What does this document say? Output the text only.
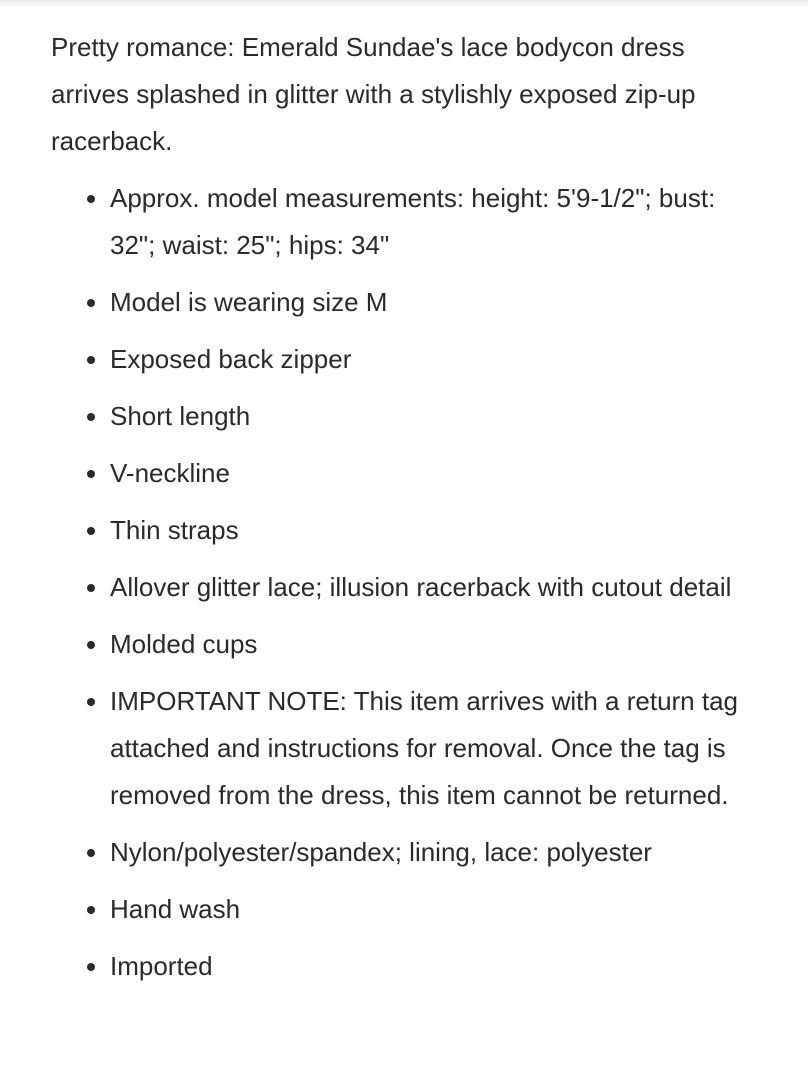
Pretty romance: Emerald Sundae's lace bodycon dress arrives splashed in glitter with a stylishly exposed zip-up racerback.

Approx. model measurements: height: 5'9-1/2"; bust: 32"; waist: 25"; hips: 34"
Model is wearing size M
Exposed back zipper
Short length
V-neckline
Thin straps
Allover glitter lace; illusion racerback with cutout detail
Molded cups
IMPORTANT NOTE: This item arrives with a return tag attached and instructions for removal. Once the tag is removed from the dress, this item cannot be returned.
Nylon/polyester/spandex; lining, lace: polyester
Hand wash
Imported
